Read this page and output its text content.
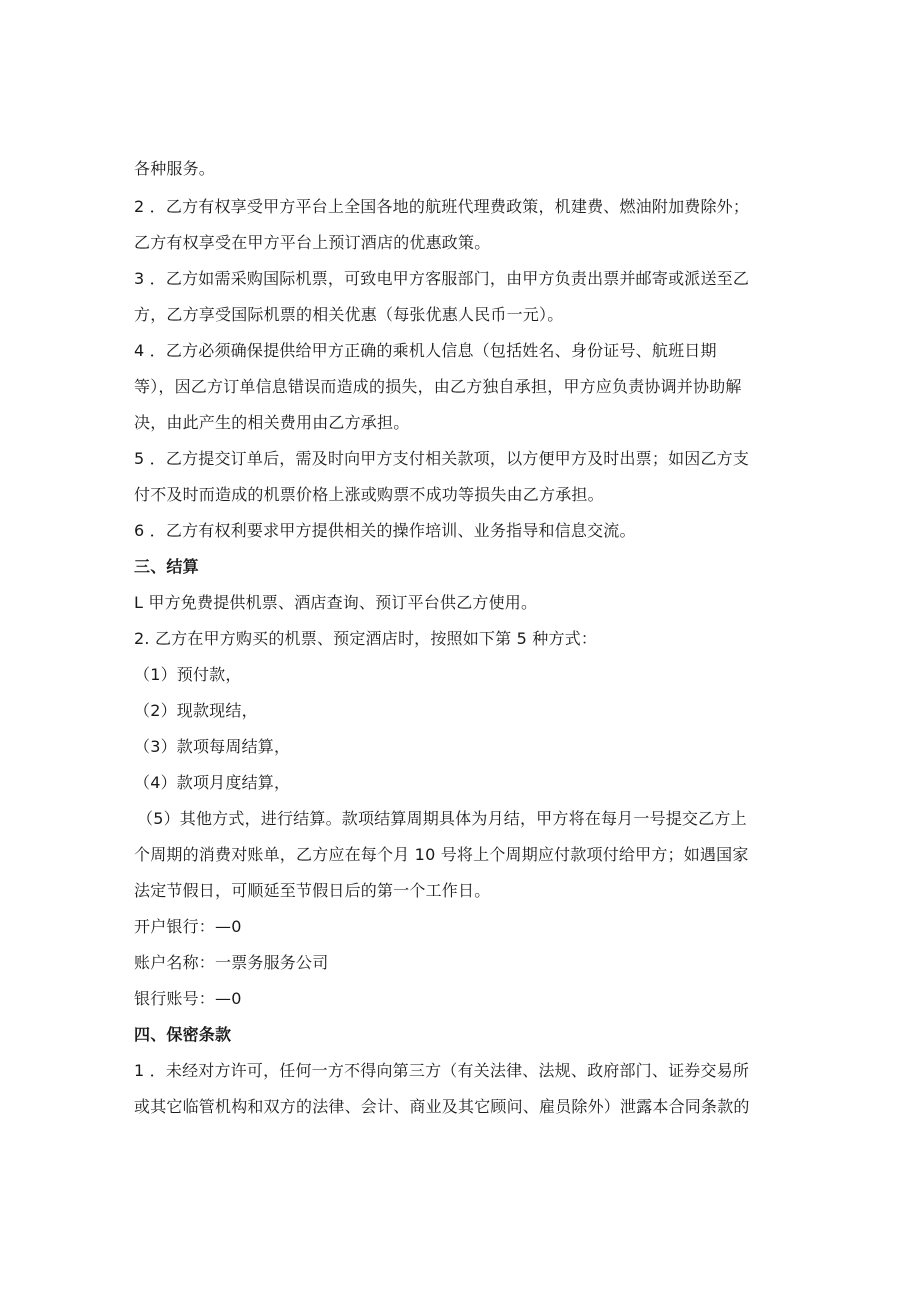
各种服务。
2 ．乙方有权享受甲方平台上全国各地的航班代理费政策，机建费、燃油附加费除外；
乙方有权享受在甲方平台上预订酒店的优惠政策。
3 ．乙方如需采购国际机票，可致电甲方客服部门，由甲方负责出票并邮寄或派送至乙
方，乙方享受国际机票的相关优惠（每张优惠人民币一元）。
4 ．乙方必须确保提供给甲方正确的乘机人信息（包括姓名、身份证号、航班日期
等），因乙方订单信息错误而造成的损失，由乙方独自承担，甲方应负责协调并协助解
决，由此产生的相关费用由乙方承担。
5 ．乙方提交订单后，需及时向甲方支付相关款项，以方便甲方及时出票；如因乙方支
付不及时而造成的机票价格上涨或购票不成功等损失由乙方承担。
6 ．乙方有权利要求甲方提供相关的操作培训、业务指导和信息交流。
三、结算
L 甲方免费提供机票、酒店查询、预订平台供乙方使用。
2. 乙方在甲方购买的机票、预定酒店时，按照如下第 5 种方式：
（1）预付款，
（2）现款现结，
（3）款项每周结算，
（4）款项月度结算，
（5）其他方式，进行结算。款项结算周期具体为月结，甲方将在每月一号提交乙方上
个周期的消费对账单，乙方应在每个月 10 号将上个周期应付款项付给甲方；如遇国家
法定节假日，可顺延至节假日后的第一个工作日。
开户银行：—0
账户名称：一票务服务公司
银行账号：—0
四、保密条款
1 ．未经对方许可，任何一方不得向第三方（有关法律、法规、政府部门、证券交易所
或其它临管机构和双方的法律、会计、商业及其它顾问、雇员除外）泄露本合同条款的
